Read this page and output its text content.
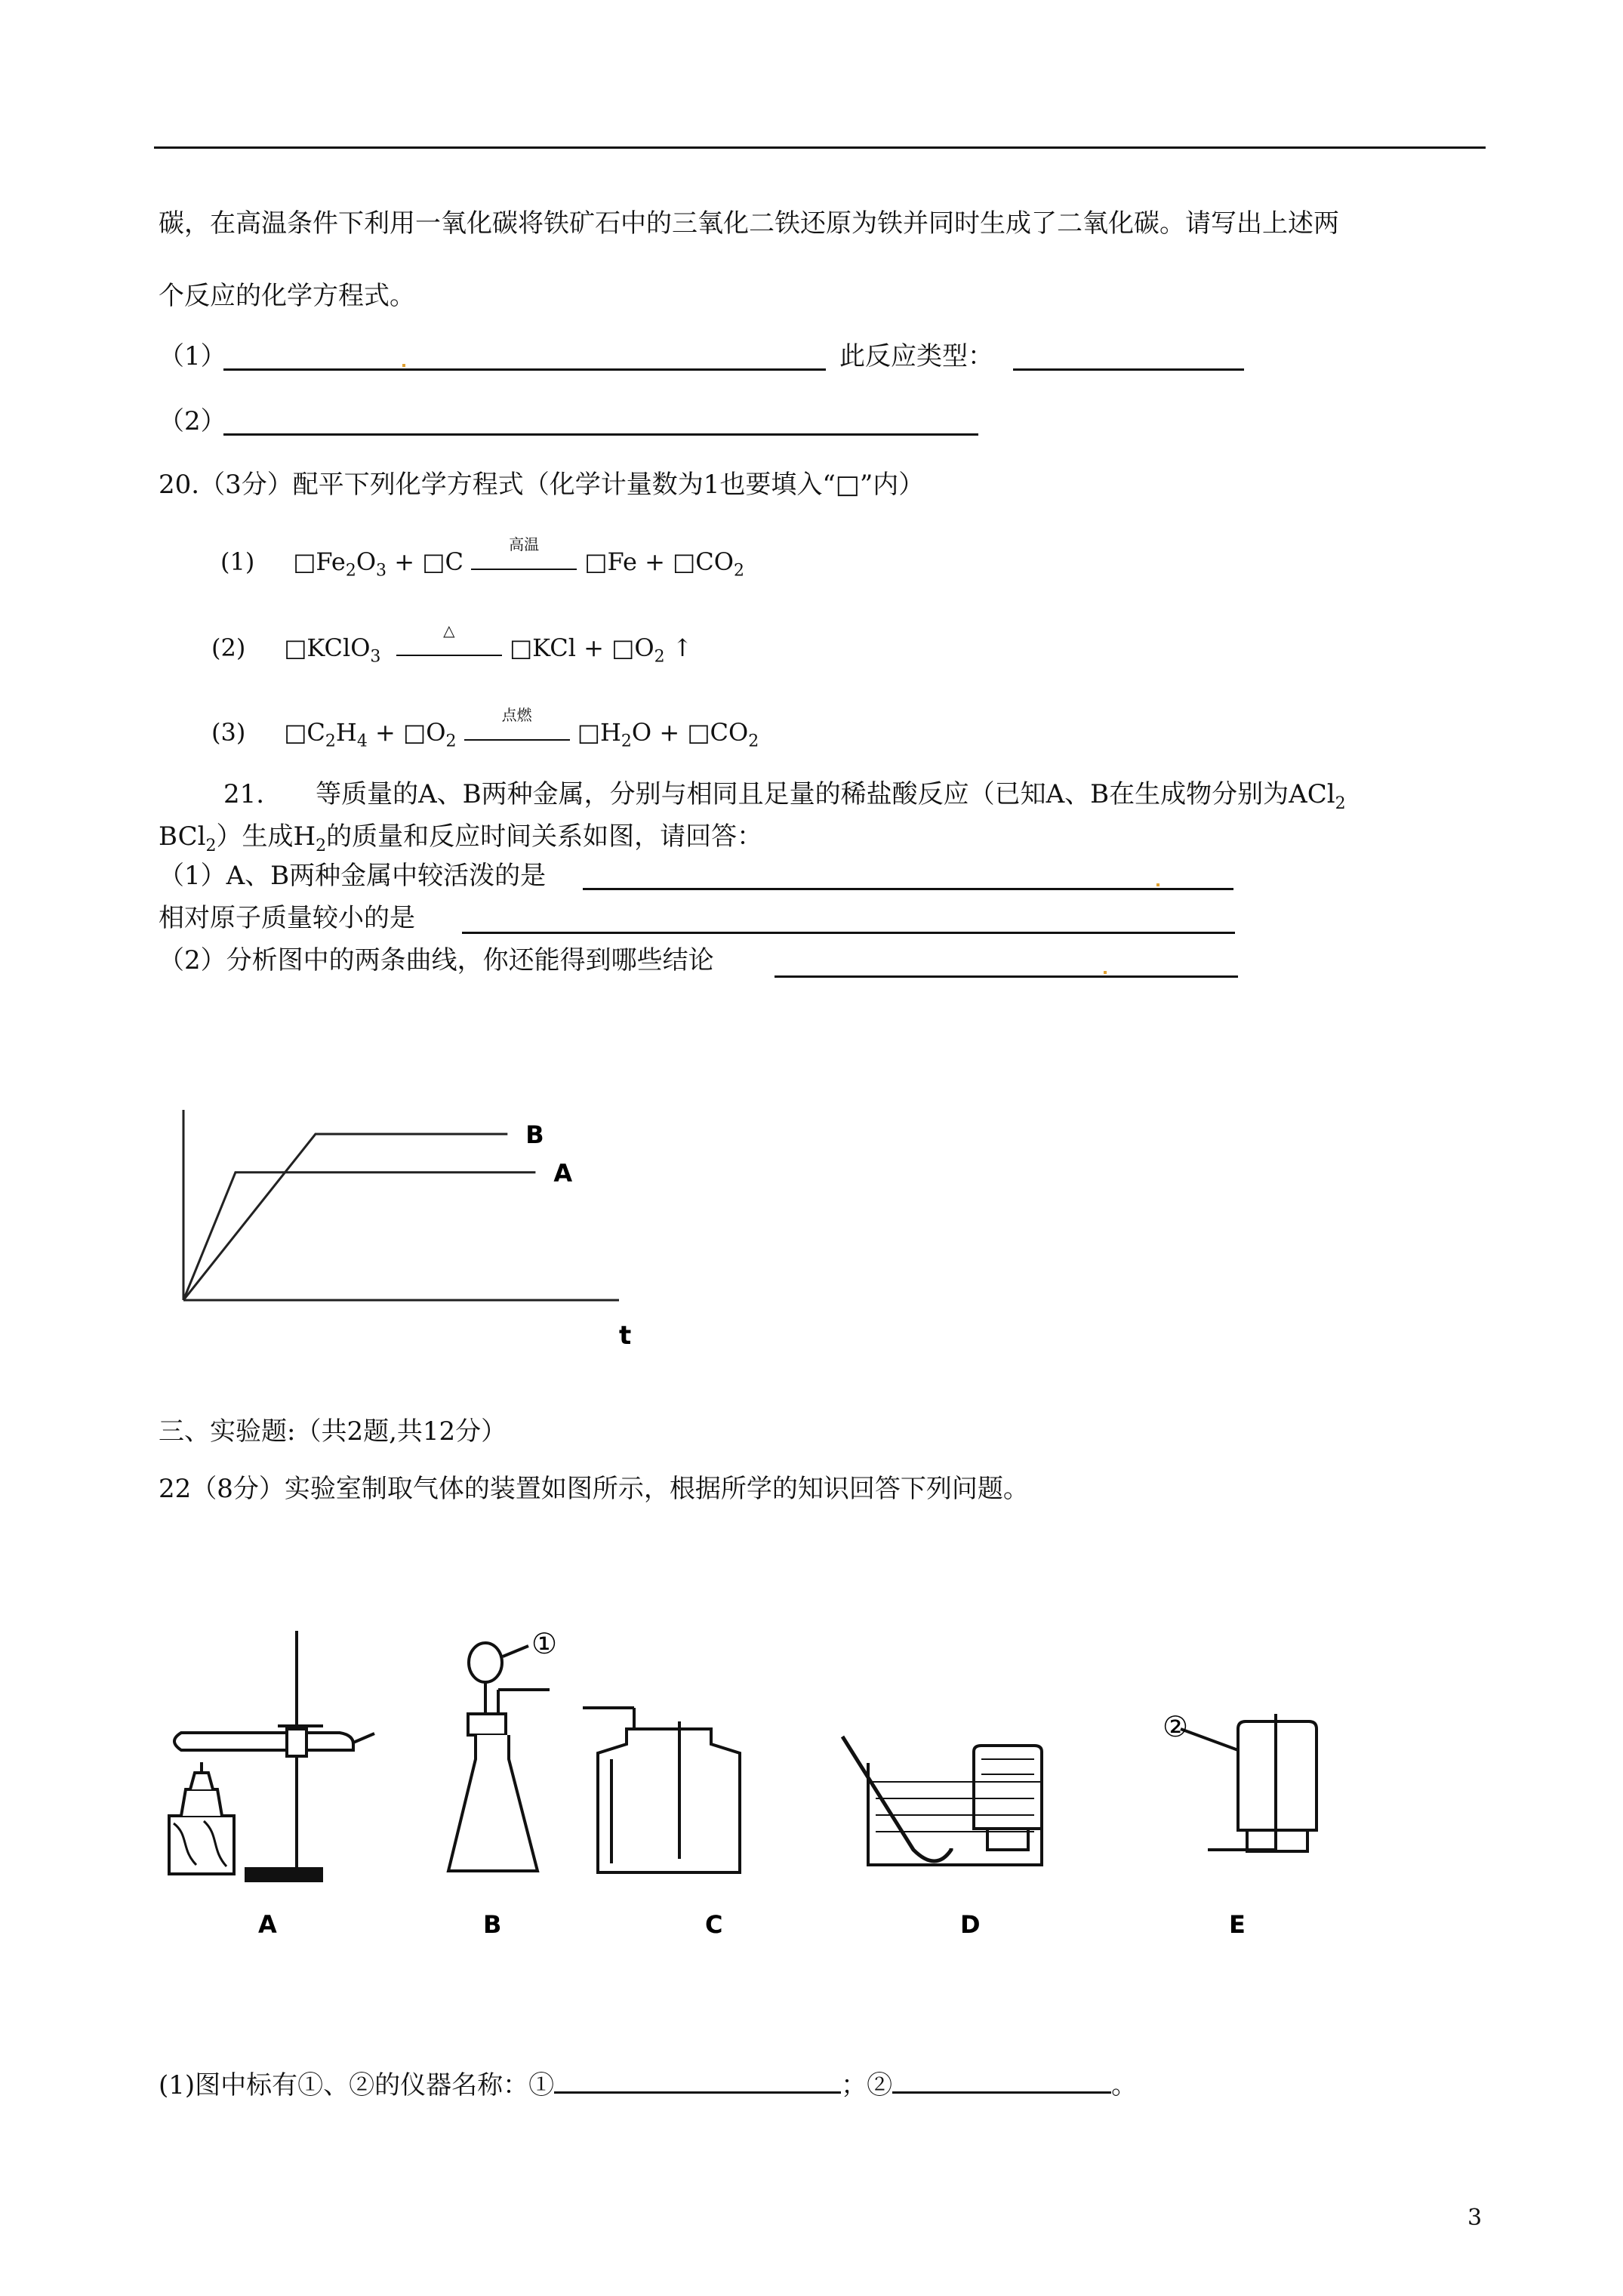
碳，在高温条件下利用一氧化碳将铁矿石中的三氧化二铁还原为铁并同时生成了二氧化碳。请写出上述两
个反应的化学方程式。
（1）	此反应类型：
（2）
20.（3分）配平下列化学方程式（化学计量数为1也要填入“□”内）
(1) $□Fe_2O_3$ + □C
高温
□Fe + $□CO_2$
(2) □KClO$_3$
△
□KCl + $□O_2$ ↑
(3) $□C_2H_4$ + $□O_2$
点燃
$□H_2O$ + $□CO_2$
21.　　等质量的A、B两种金属，分别与相同且足量的稀盐酸反应（已知A、B在生成物分别为ACl$_2$
BCl$_2$）生成$H_2$的质量和反应时间关系如图，请回答：
（1）A、B两种金属中较活泼的是
相对原子质量较小的是
（2）分析图中的两条曲线，你还能得到哪些结论
A
B
t
三、实验题:（共2题,共12分）
22（8分）实验室制取气体的装置如图所示，根据所学的知识回答下列问题。
①
②
A	B	C	D	E
(1)图中标有①、②的仪器名称：①	；②	。
3
